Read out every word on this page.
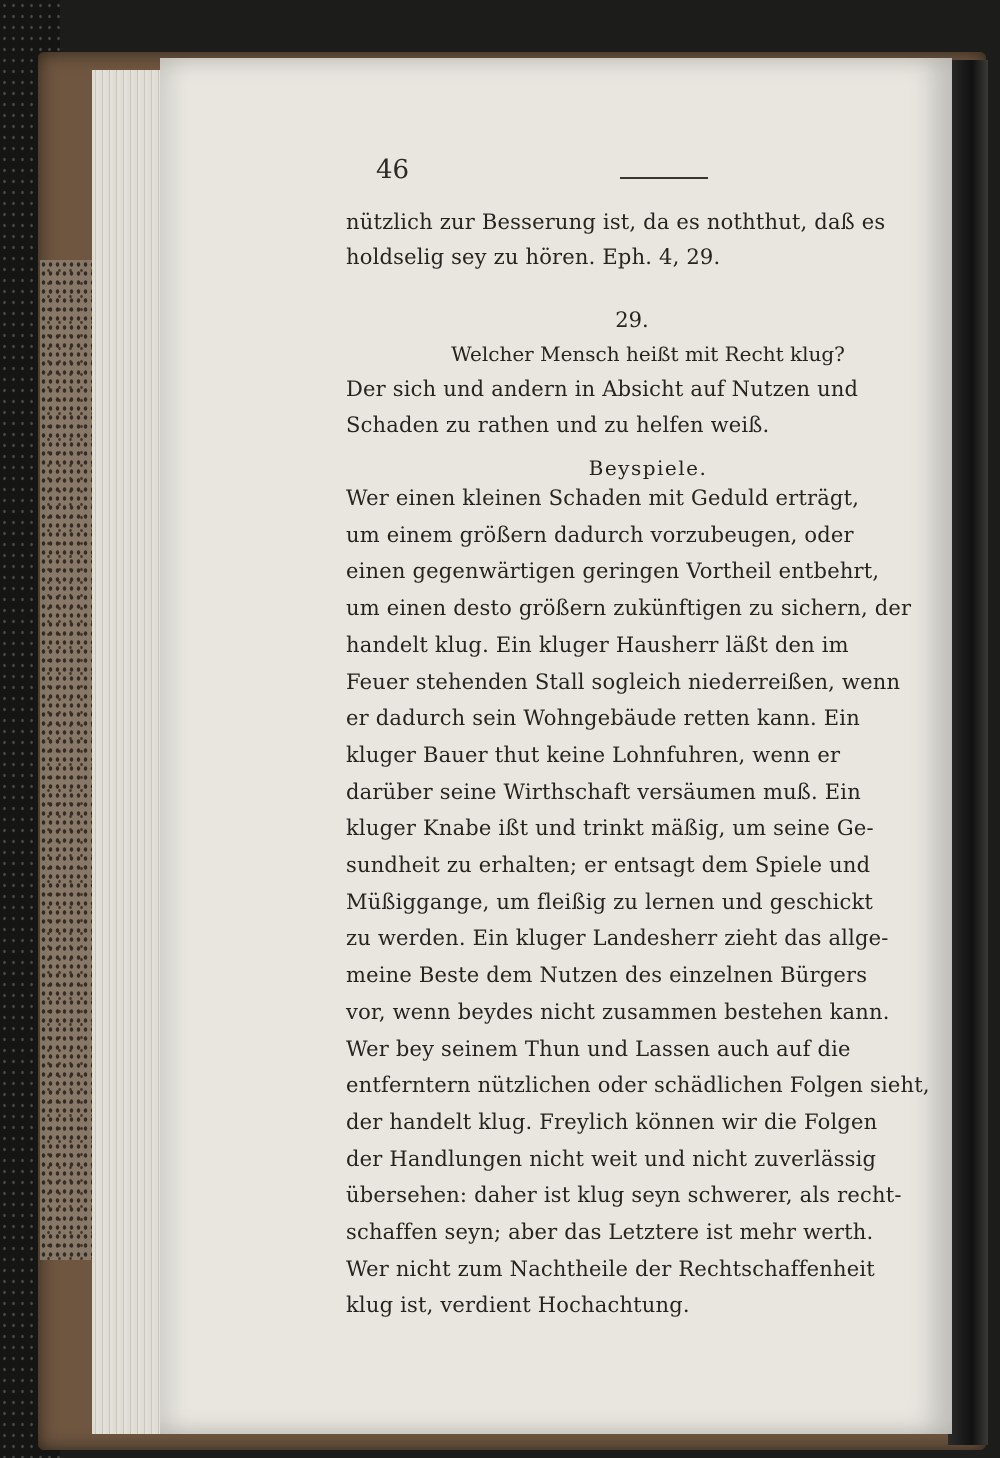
46

nützlich zur Besserung ist, da es noththut, daß es

holdselig sey zu hören. Eph. 4, 29.

29.

Welcher Mensch heißt mit Recht klug?

Der sich und andern in Absicht auf Nutzen und

Schaden zu rathen und zu helfen weiß.

Beyspiele.

Wer einen kleinen Schaden mit Geduld erträgt,

um einem größern dadurch vorzubeugen, oder

einen gegenwärtigen geringen Vortheil entbehrt,

um einen desto größern zukünftigen zu sichern, der

handelt klug. Ein kluger Hausherr läßt den im

Feuer stehenden Stall sogleich niederreißen, wenn

er dadurch sein Wohngebäude retten kann. Ein

kluger Bauer thut keine Lohnfuhren, wenn er

darüber seine Wirthschaft versäumen muß. Ein

kluger Knabe ißt und trinkt mäßig, um seine Ge-

sundheit zu erhalten; er entsagt dem Spiele und

Müßiggange, um fleißig zu lernen und geschickt

zu werden. Ein kluger Landesherr zieht das allge-

meine Beste dem Nutzen des einzelnen Bürgers

vor, wenn beydes nicht zusammen bestehen kann.

Wer bey seinem Thun und Lassen auch auf die

entferntern nützlichen oder schädlichen Folgen sieht,

der handelt klug. Freylich können wir die Folgen

der Handlungen nicht weit und nicht zuverlässig

übersehen: daher ist klug seyn schwerer, als recht-

schaffen seyn; aber das Letztere ist mehr werth.

Wer nicht zum Nachtheile der Rechtschaffenheit

klug ist, verdient Hochachtung.
